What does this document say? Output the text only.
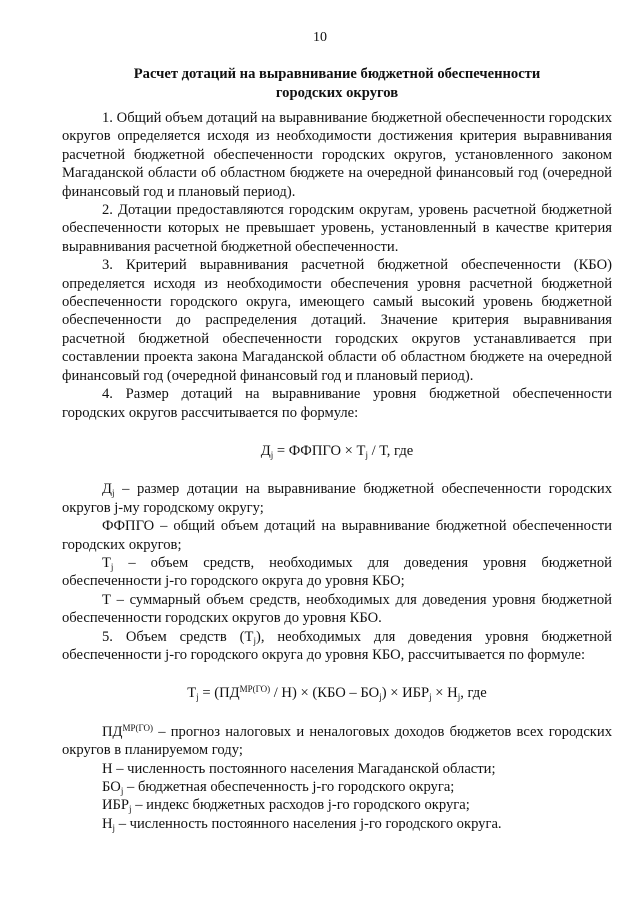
10
Расчет дотаций на выравнивание бюджетной обеспеченности
городских округов

1. Общий объем дотаций на выравнивание бюджетной обеспеченности городских округов определяется исходя из необходимости достижения критерия выравнивания расчетной бюджетной обеспеченности городских округов, установленного законом Магаданской области об областном бюджете на очередной финансовый год (очередной финансовый год и плановый период).

2. Дотации предоставляются городским округам, уровень расчетной бюджетной обеспеченности которых не превышает уровень, установленный в качестве критерия выравнивания расчетной бюджетной обеспеченности.

3. Критерий выравнивания расчетной бюджетной обеспеченности (КБО) определяется исходя из необходимости обеспечения уровня расчетной бюджетной обеспеченности городского округа, имеющего самый высокий уровень бюджетной обеспеченности до распределения дотаций. Значение критерия выравнивания расчетной бюджетной обеспеченности городских округов устанавливается при составлении проекта закона Магаданской области об областном бюджете на очередной финансовый год (очередной финансовый год и плановый период).

4. Размер дотаций на выравнивание уровня бюджетной обеспеченности городских округов рассчитывается по формуле:

$Д_j$ = ФФПГО × $Т_j$ / Т, где

$Д_j$ – размер дотации на выравнивание бюджетной обеспеченности городских округов j-му городскому округу;

ФФПГО – общий объем дотаций на выравнивание бюджетной обеспеченности городских округов;

$Т_j$ – объем средств, необходимых для доведения уровня бюджетной обеспеченности j-го городского округа до уровня КБО;

Т – суммарный объем средств, необходимых для доведения уровня бюджетной обеспеченности городских округов до уровня КБО.

5. Объем средств $(Т_j)$, необходимых для доведения уровня бюджетной обеспеченности j-го городского округа до уровня КБО, рассчитывается по формуле:

$Т_j = (ПД^{МР(ГО)} / Н) \times (КБО - БО_j) \times ИБР_j \times Н_j$, где

$ПД^{МР(ГО)}$ – прогноз налоговых и неналоговых доходов бюджетов всех городских округов в планируемом году;

Н – численность постоянного населения Магаданской области;

$БО_j$ – бюджетная обеспеченность j-го городского округа;

$ИБР_j$ – индекс бюджетных расходов j-го городского округа;

$Н_j$ – численность постоянного населения j-го городского округа.
